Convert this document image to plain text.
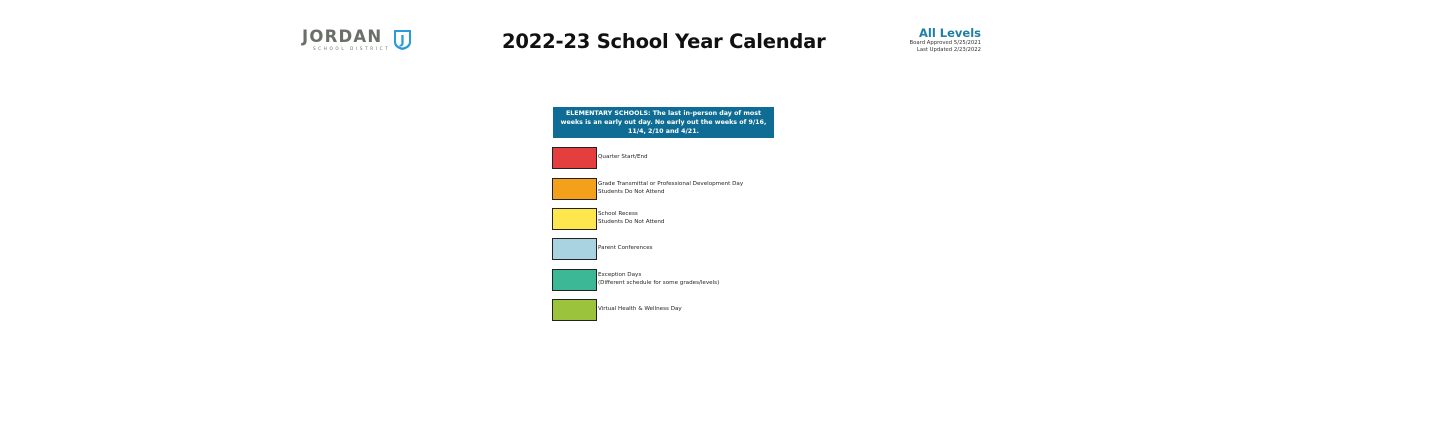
JORDAN
SCHOOL DISTRICT
J	2022-23 School Year Calendar	All Levels
Board Approved 5/25/2021
Last Updated 2/23/2022
ELEMENTARY SCHOOLS: The last in-person day of most weeks is an early out day. No early out the weeks of 9/16, 11/4, 2/10 and 4/21.
Quarter Start/End
Grade Transmittal or Professional Development Day
Students Do Not Attend
School Recess
Students Do Not Attend
Parent Conferences
Exception Days
(Different schedule for some grades/levels)
Virtual Health & Wellness Day
